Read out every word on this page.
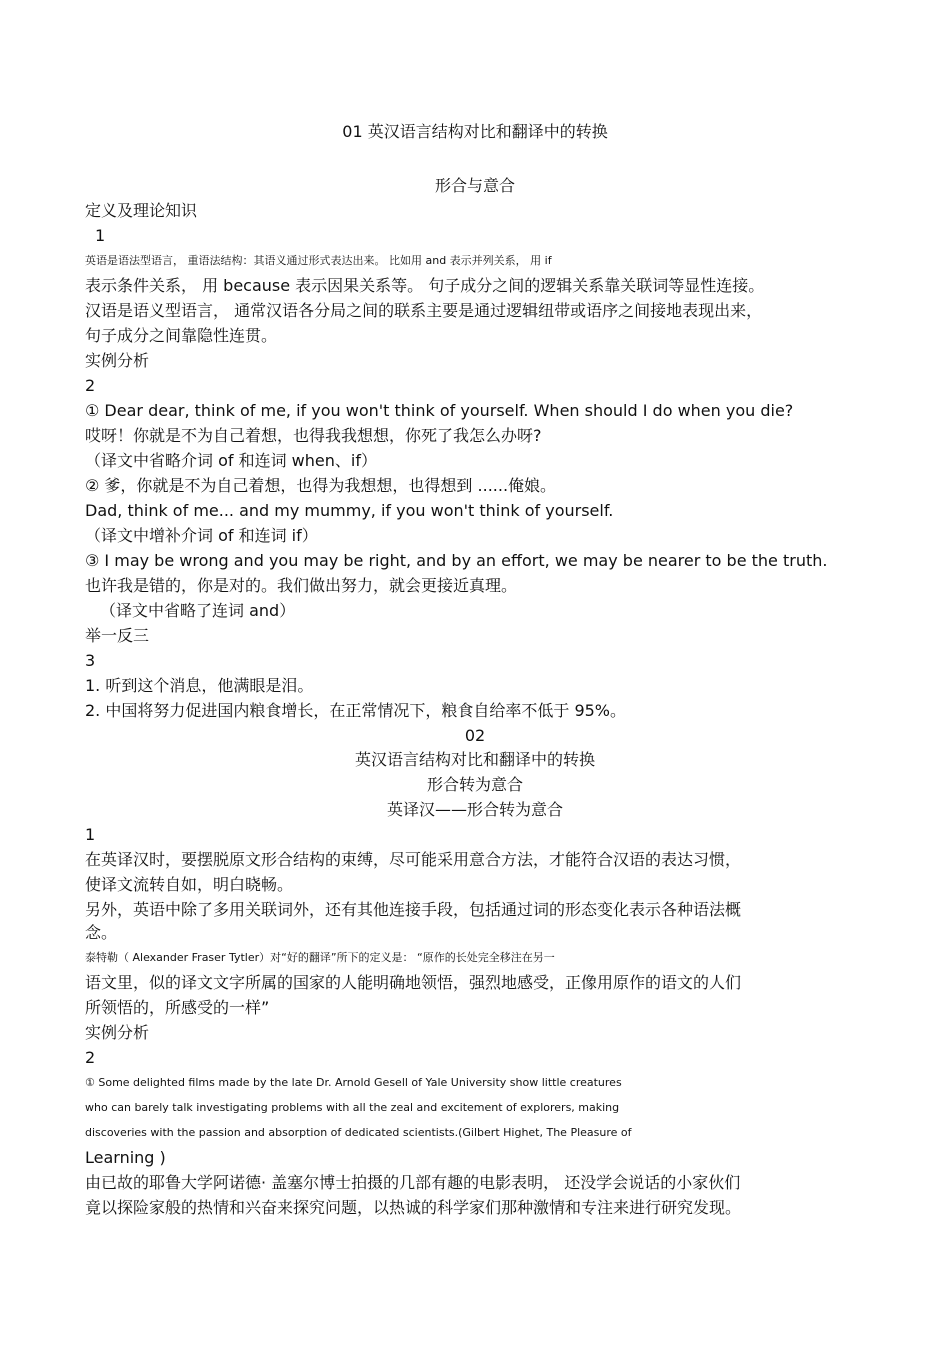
01 英汉语言结构对比和翻译中的转换
形合与意合
定义及理论知识
1
英语是语法型语言， 重语法结构：其语义通过形式表达出来。 比如用 and 表示并列关系， 用 if
表示条件关系， 用 because 表示因果关系等。 句子成分之间的逻辑关系靠关联词等显性连接。
汉语是语义型语言， 通常汉语各分局之间的联系主要是通过逻辑纽带或语序之间接地表现出来，
句子成分之间靠隐性连贯。
实例分析
2
① Dear dear, think of me, if you won't think of yourself. When should I do when you die?
哎呀！你就是不为自己着想，也得我我想想，你死了我怎么办呀?
（译文中省略介词 of 和连词 when、if）
② 爹，你就是不为自己着想，也得为我想想，也得想到 ......俺娘。
Dad, think of me... and my mummy, if you won't think of yourself.
（译文中增补介词 of 和连词 if）
③ I may be wrong and you may be right, and by an effort, we may be nearer to be the truth.
也许我是错的，你是对的。我们做出努力，就会更接近真理。
（译文中省略了连词 and）
举一反三
3
1. 听到这个消息，他满眼是泪。
2. 中国将努力促进国内粮食增长，在正常情况下，粮食自给率不低于 95%。
02
英汉语言结构对比和翻译中的转换
形合转为意合
英译汉——形合转为意合
1
在英译汉时，要摆脱原文形合结构的束缚，尽可能采用意合方法，才能符合汉语的表达习惯，
使译文流转自如，明白晓畅。
另外，英语中除了多用关联词外，还有其他连接手段，包括通过词的形态变化表示各种语法概
念。
泰特勒（ Alexander Fraser Tytler）对“好的翻译”所下的定义是： “原作的长处完全移注在另一
语文里，似的译文文字所属的国家的人能明确地领悟，强烈地感受，正像用原作的语文的人们
所领悟的，所感受的一样”
实例分析
2
① Some delighted films made by the late Dr. Arnold Gesell of Yale University show little creatures
who can barely talk investigating problems with all the zeal and excitement of explorers, making
discoveries with the passion and absorption of dedicated scientists.(Gilbert Highet, The Pleasure of
Learning )
由已故的耶鲁大学阿诺德· 盖塞尔博士拍摄的几部有趣的电影表明， 还没学会说话的小家伙们
竟以探险家般的热情和兴奋来探究问题，以热诚的科学家们那种激情和专注来进行研究发现。
